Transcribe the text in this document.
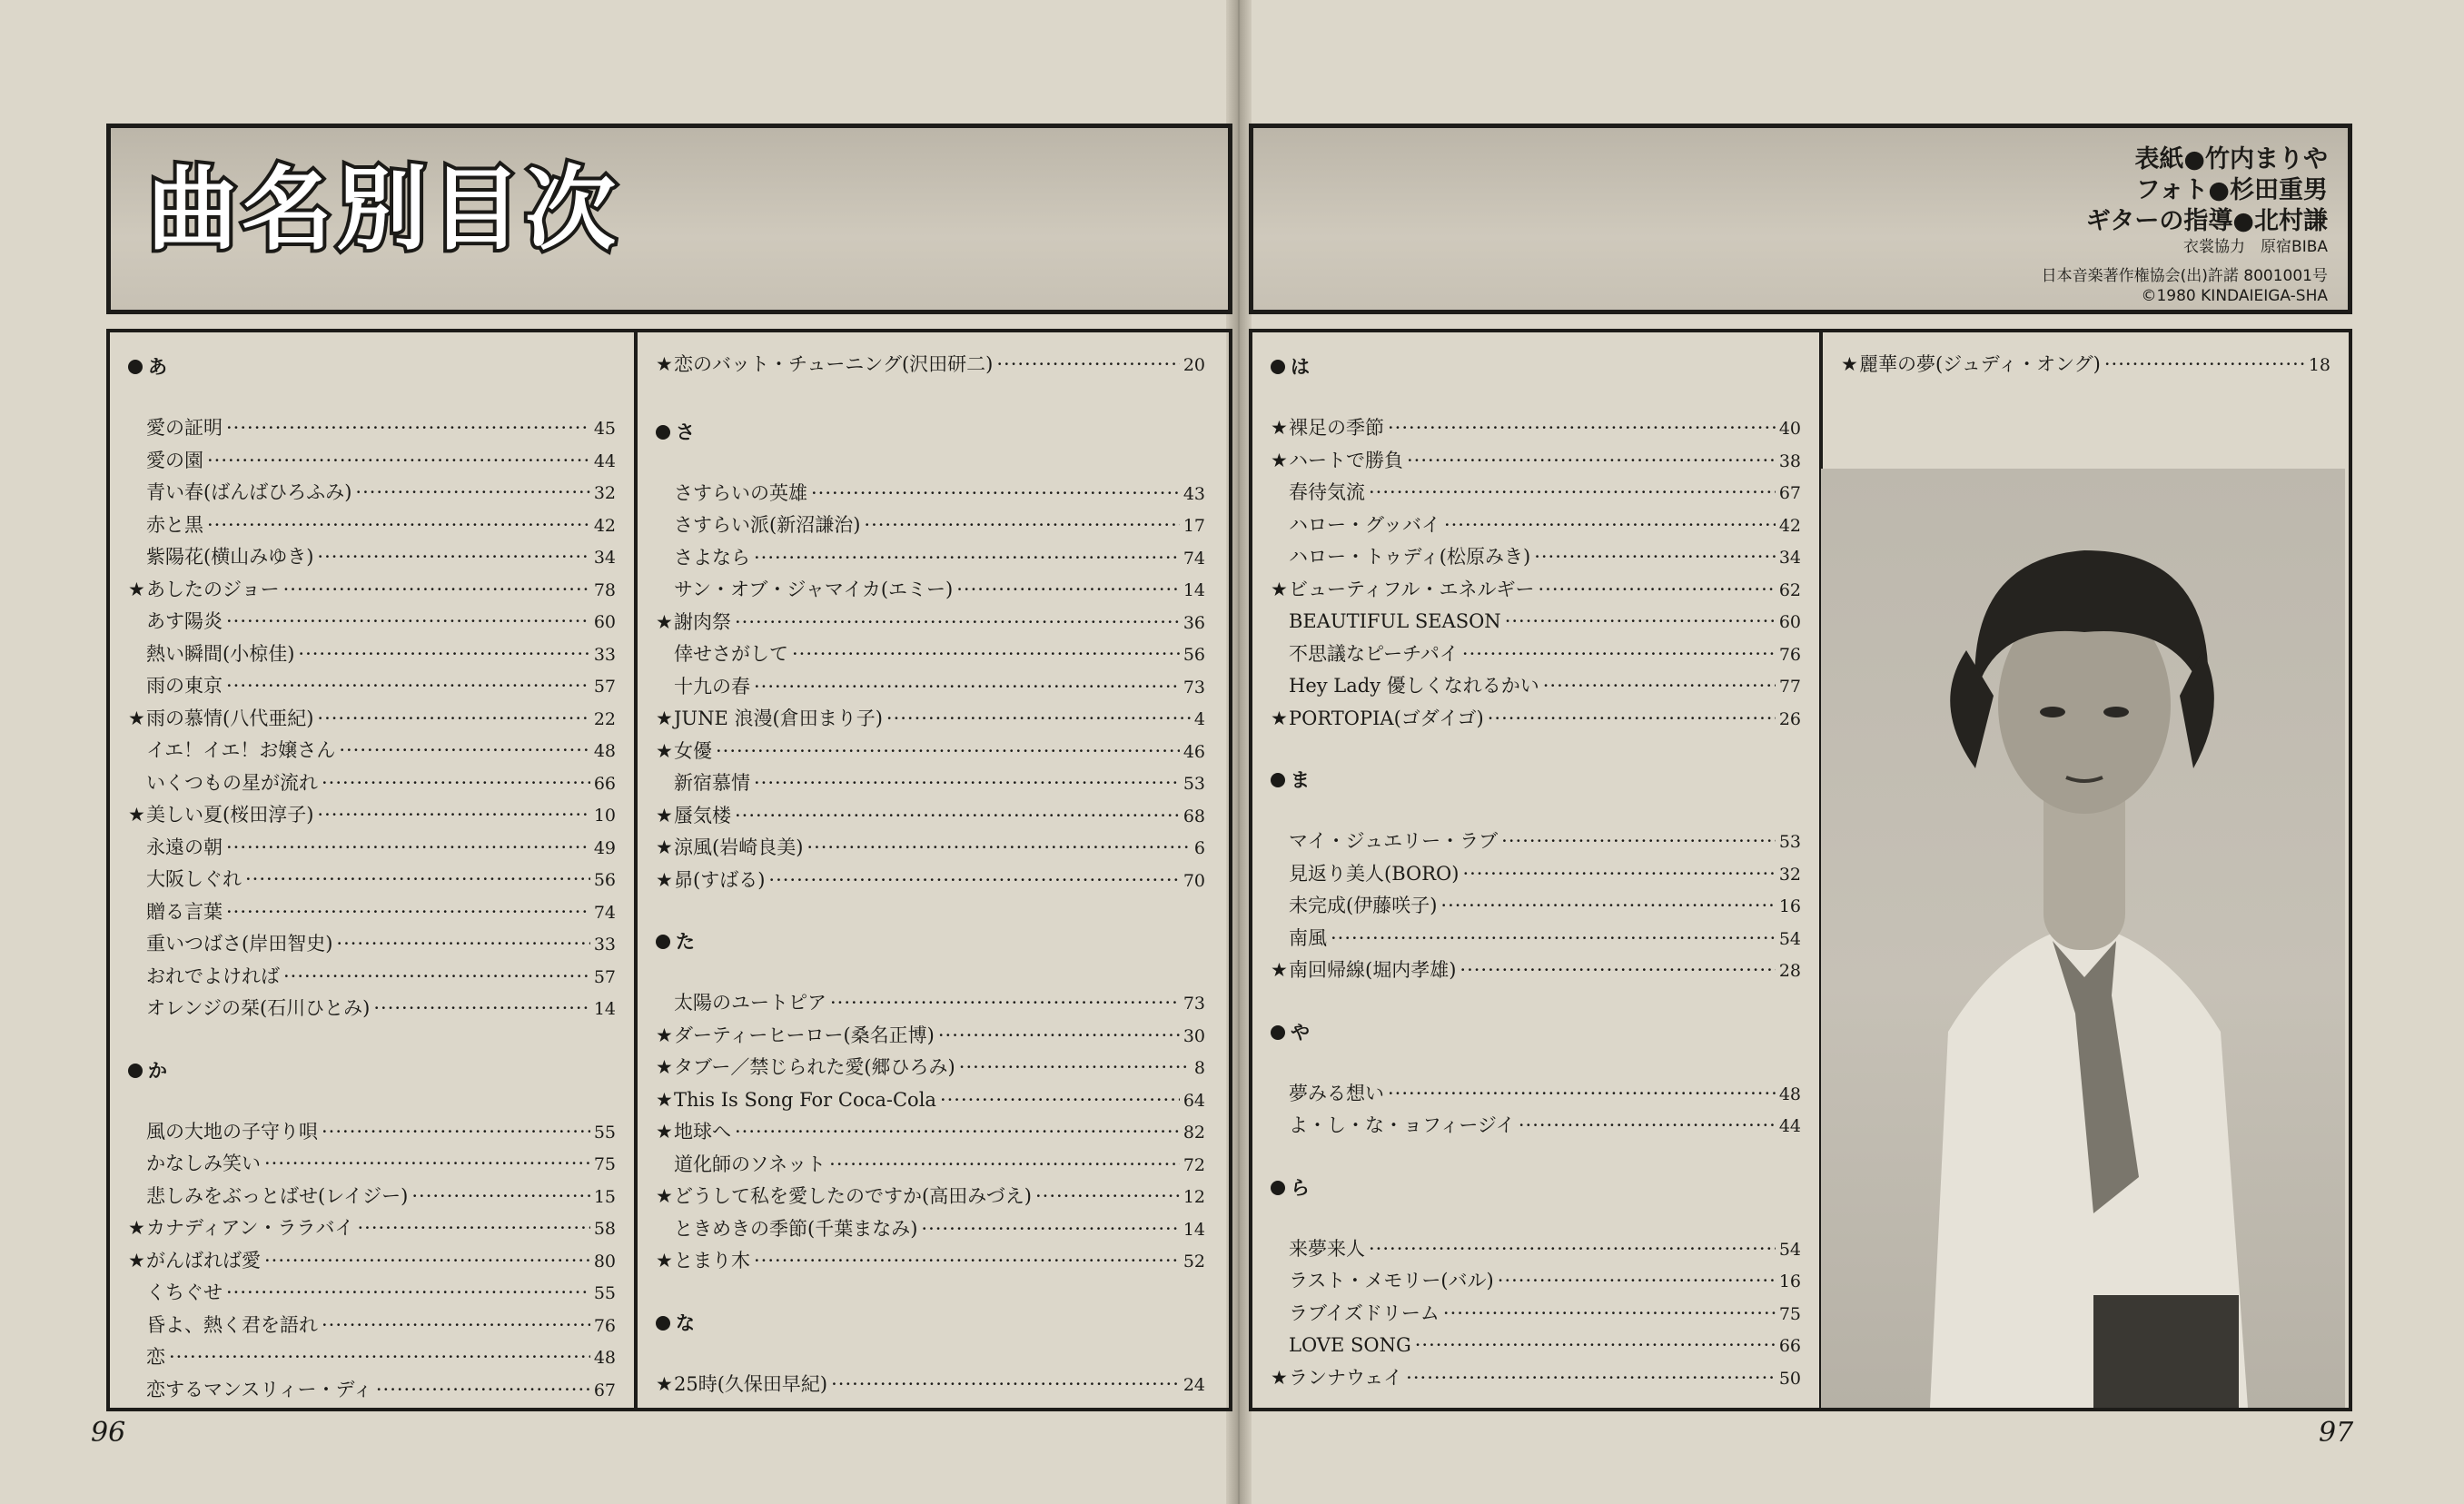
曲名別目次	表紙●竹内まりや
フォト●杉田重男
ギターの指導●北村謙
衣裳協力　原宿BIBA
日本音楽著作権協会(出)許諾 8001001号
©1980 KINDAIEIGA-SHA
あ
愛の証明 ·····	45
愛の園 ·····	44
青い春(ばんばひろふみ) ·····	32
赤と黒 ·····	42
紫陽花(横山みゆき) ·····	34
★ あしたのジョー ·····	78
あす陽炎 ·····	60
熱い瞬間(小椋佳) ·····	33
雨の東京 ·····	57
★ 雨の慕情(八代亜紀) ·····	22
イエ！イエ！お嬢さん ·····	48
いくつもの星が流れ ·····	66
★ 美しい夏(桜田淳子) ·····	10
永遠の朝 ·····	49
大阪しぐれ ·····	56
贈る言葉 ·····	74
重いつばさ(岸田智史) ·····	33
おれでよければ ·····	57
オレンジの栞(石川ひとみ) ·····	14
か
風の大地の子守り唄 ·····	55
かなしみ笑い ·····	75
悲しみをぶっとばせ(レイジー) ·····	15
★ カナディアン・ララバイ ·····	58
★ がんばれば愛 ·····	80
くちぐせ ·····	55
昏よ、熱く君を語れ ·····	76
恋 ·····	48
恋するマンスリィー・ディ ·····	67
★ 恋のバット・チューニング(沢田研二) ·····	20
さ
さすらいの英雄 ·····	43
さすらい派(新沼謙治) ·····	17
さよなら ·····	74
サン・オブ・ジャマイカ(エミー) ·····	14
★ 謝肉祭 ·····	36
倖せさがして ·····	56
十九の春 ·····	73
★ JUNE 浪漫(倉田まり子) ·····	4
★ 女優 ·····	46
新宿慕情 ·····	53
★ 蜃気楼 ·····	68
★ 涼風(岩崎良美) ·····	6
★ 昴(すばる) ·····	70
た
太陽のユートピア ·····	73
★ ダーティーヒーロー(桑名正博) ·····	30
★ タブー／禁じられた愛(郷ひろみ) ·····	8
★ This Is Song For Coca-Cola ·····	64
★ 地球へ ·····	82
道化師のソネット ·····	72
★ どうして私を愛したのですか(高田みづえ) ·····	12
ときめきの季節(千葉まなみ) ·····	14
★ とまり木 ·····	52
な
★ 25時(久保田早紀) ·····	24
は
★ 裸足の季節 ·····	40
★ ハートで勝負 ·····	38
春待気流 ·····	67
ハロー・グッバイ ·····	42
ハロー・トゥディ(松原みき) ·····	34
★ ビューティフル・エネルギー ·····	62
BEAUTIFUL SEASON ·····	60
不思議なピーチパイ ·····	76
Hey Lady 優しくなれるかい ·····	77
★ PORTOPIA(ゴダイゴ) ·····	26
ま
マイ・ジュエリー・ラブ ·····	53
見返り美人(BORO) ·····	32
未完成(伊藤咲子) ·····	16
南風 ·····	54
★ 南回帰線(堀内孝雄) ·····	28
や
夢みる想い ·····	48
よ・し・な・ョフィージイ ·····	44
ら
来夢来人 ·····	54
ラスト・メモリー(バル) ·····	16
ラブイズドリーム ·····	75
LOVE SONG ·····	66
★ ランナウェイ ·····	50
★ 麗華の夢(ジュディ・オング) ·····	18
96	97
